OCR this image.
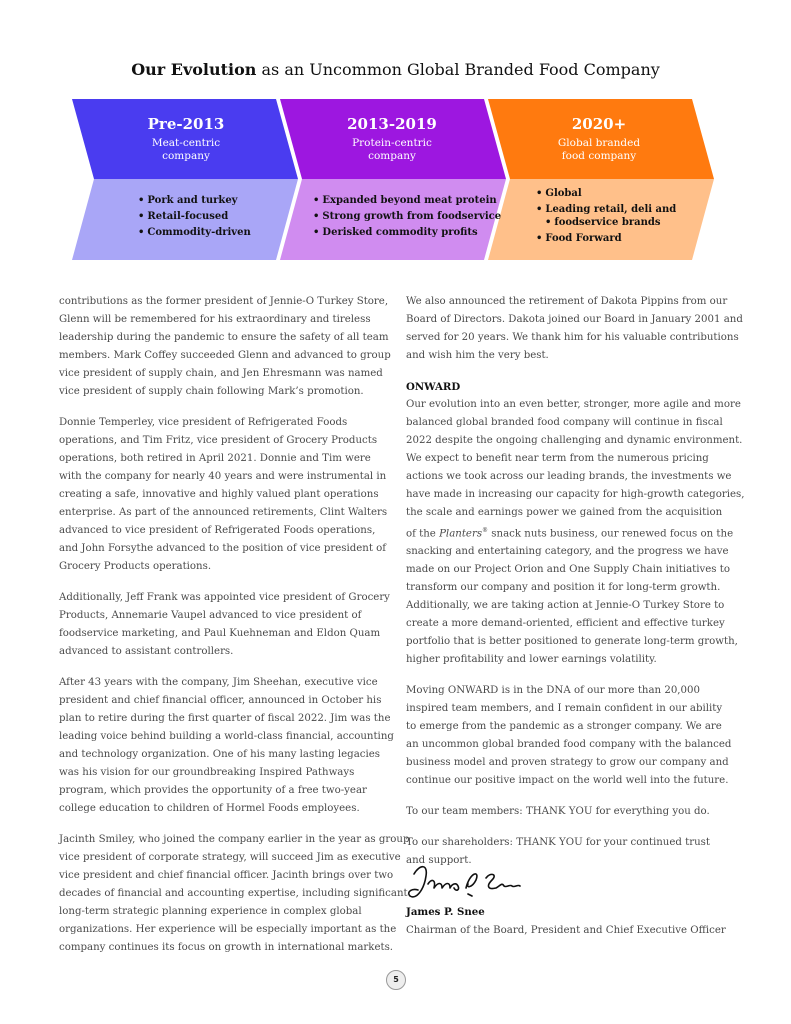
Our Evolution as an Uncommon Global Branded Food Company
Pre-2013
Meat-centric
company
2013-2019
Protein-centric
company
2020+
Global branded
food company
• Pork and turkey
• Retail-focused
• Commodity-driven
• Expanded beyond meat protein
• Strong growth from foodservice
• Derisked commodity profits
• Global
• Leading retail, deli and
• foodservice brands
• Food Forward

contributions as the former president of Jennie-O Turkey Store,
Glenn will be remembered for his extraordinary and tireless
leadership during the pandemic to ensure the safety of all team
members. Mark Coffey succeeded Glenn and advanced to group
vice president of supply chain, and Jen Ehresmann was named
vice president of supply chain following Mark’s promotion.

Donnie Temperley, vice president of Refrigerated Foods
operations, and Tim Fritz, vice president of Grocery Products
operations, both retired in April 2021. Donnie and Tim were
with the company for nearly 40 years and were instrumental in
creating a safe, innovative and highly valued plant operations
enterprise. As part of the announced retirements, Clint Walters
advanced to vice president of Refrigerated Foods operations,
and John Forsythe advanced to the position of vice president of
Grocery Products operations.

Additionally, Jeff Frank was appointed vice president of Grocery
Products, Annemarie Vaupel advanced to vice president of
foodservice marketing, and Paul Kuehneman and Eldon Quam
advanced to assistant controllers.

After 43 years with the company, Jim Sheehan, executive vice
president and chief financial officer, announced in October his
plan to retire during the first quarter of fiscal 2022. Jim was the
leading voice behind building a world-class financial, accounting
and technology organization. One of his many lasting legacies
was his vision for our groundbreaking Inspired Pathways
program, which provides the opportunity of a free two-year
college education to children of Hormel Foods employees.

Jacinth Smiley, who joined the company earlier in the year as group
vice president of corporate strategy, will succeed Jim as executive
vice president and chief financial officer. Jacinth brings over two
decades of financial and accounting expertise, including significant
long-term strategic planning experience in complex global
organizations. Her experience will be especially important as the
company continues its focus on growth in international markets.

We also announced the retirement of Dakota Pippins from our
Board of Directors. Dakota joined our Board in January 2001 and
served for 20 years. We thank him for his valuable contributions
and wish him the very best.

ONWARD

Our evolution into an even better, stronger, more agile and more
balanced global branded food company will continue in fiscal
2022 despite the ongoing challenging and dynamic environment.
We expect to benefit near term from the numerous pricing
actions we took across our leading brands, the investments we
have made in increasing our capacity for high-growth categories,
the scale and earnings power we gained from the acquisition
of the Planters® snack nuts business, our renewed focus on the
snacking and entertaining category, and the progress we have
made on our Project Orion and One Supply Chain initiatives to
transform our company and position it for long-term growth.
Additionally, we are taking action at Jennie-O Turkey Store to
create a more demand-oriented, efficient and effective turkey
portfolio that is better positioned to generate long-term growth,
higher profitability and lower earnings volatility.

Moving ONWARD is in the DNA of our more than 20,000
inspired team members, and I remain confident in our ability
to emerge from the pandemic as a stronger company. We are
an uncommon global branded food company with the balanced
business model and proven strategy to grow our company and
continue our positive impact on the world well into the future.

To our team members: THANK YOU for everything you do.

To our shareholders: THANK YOU for your continued trust
and support.

James P. Snee
Chairman of the Board, President and Chief Executive Officer
5
